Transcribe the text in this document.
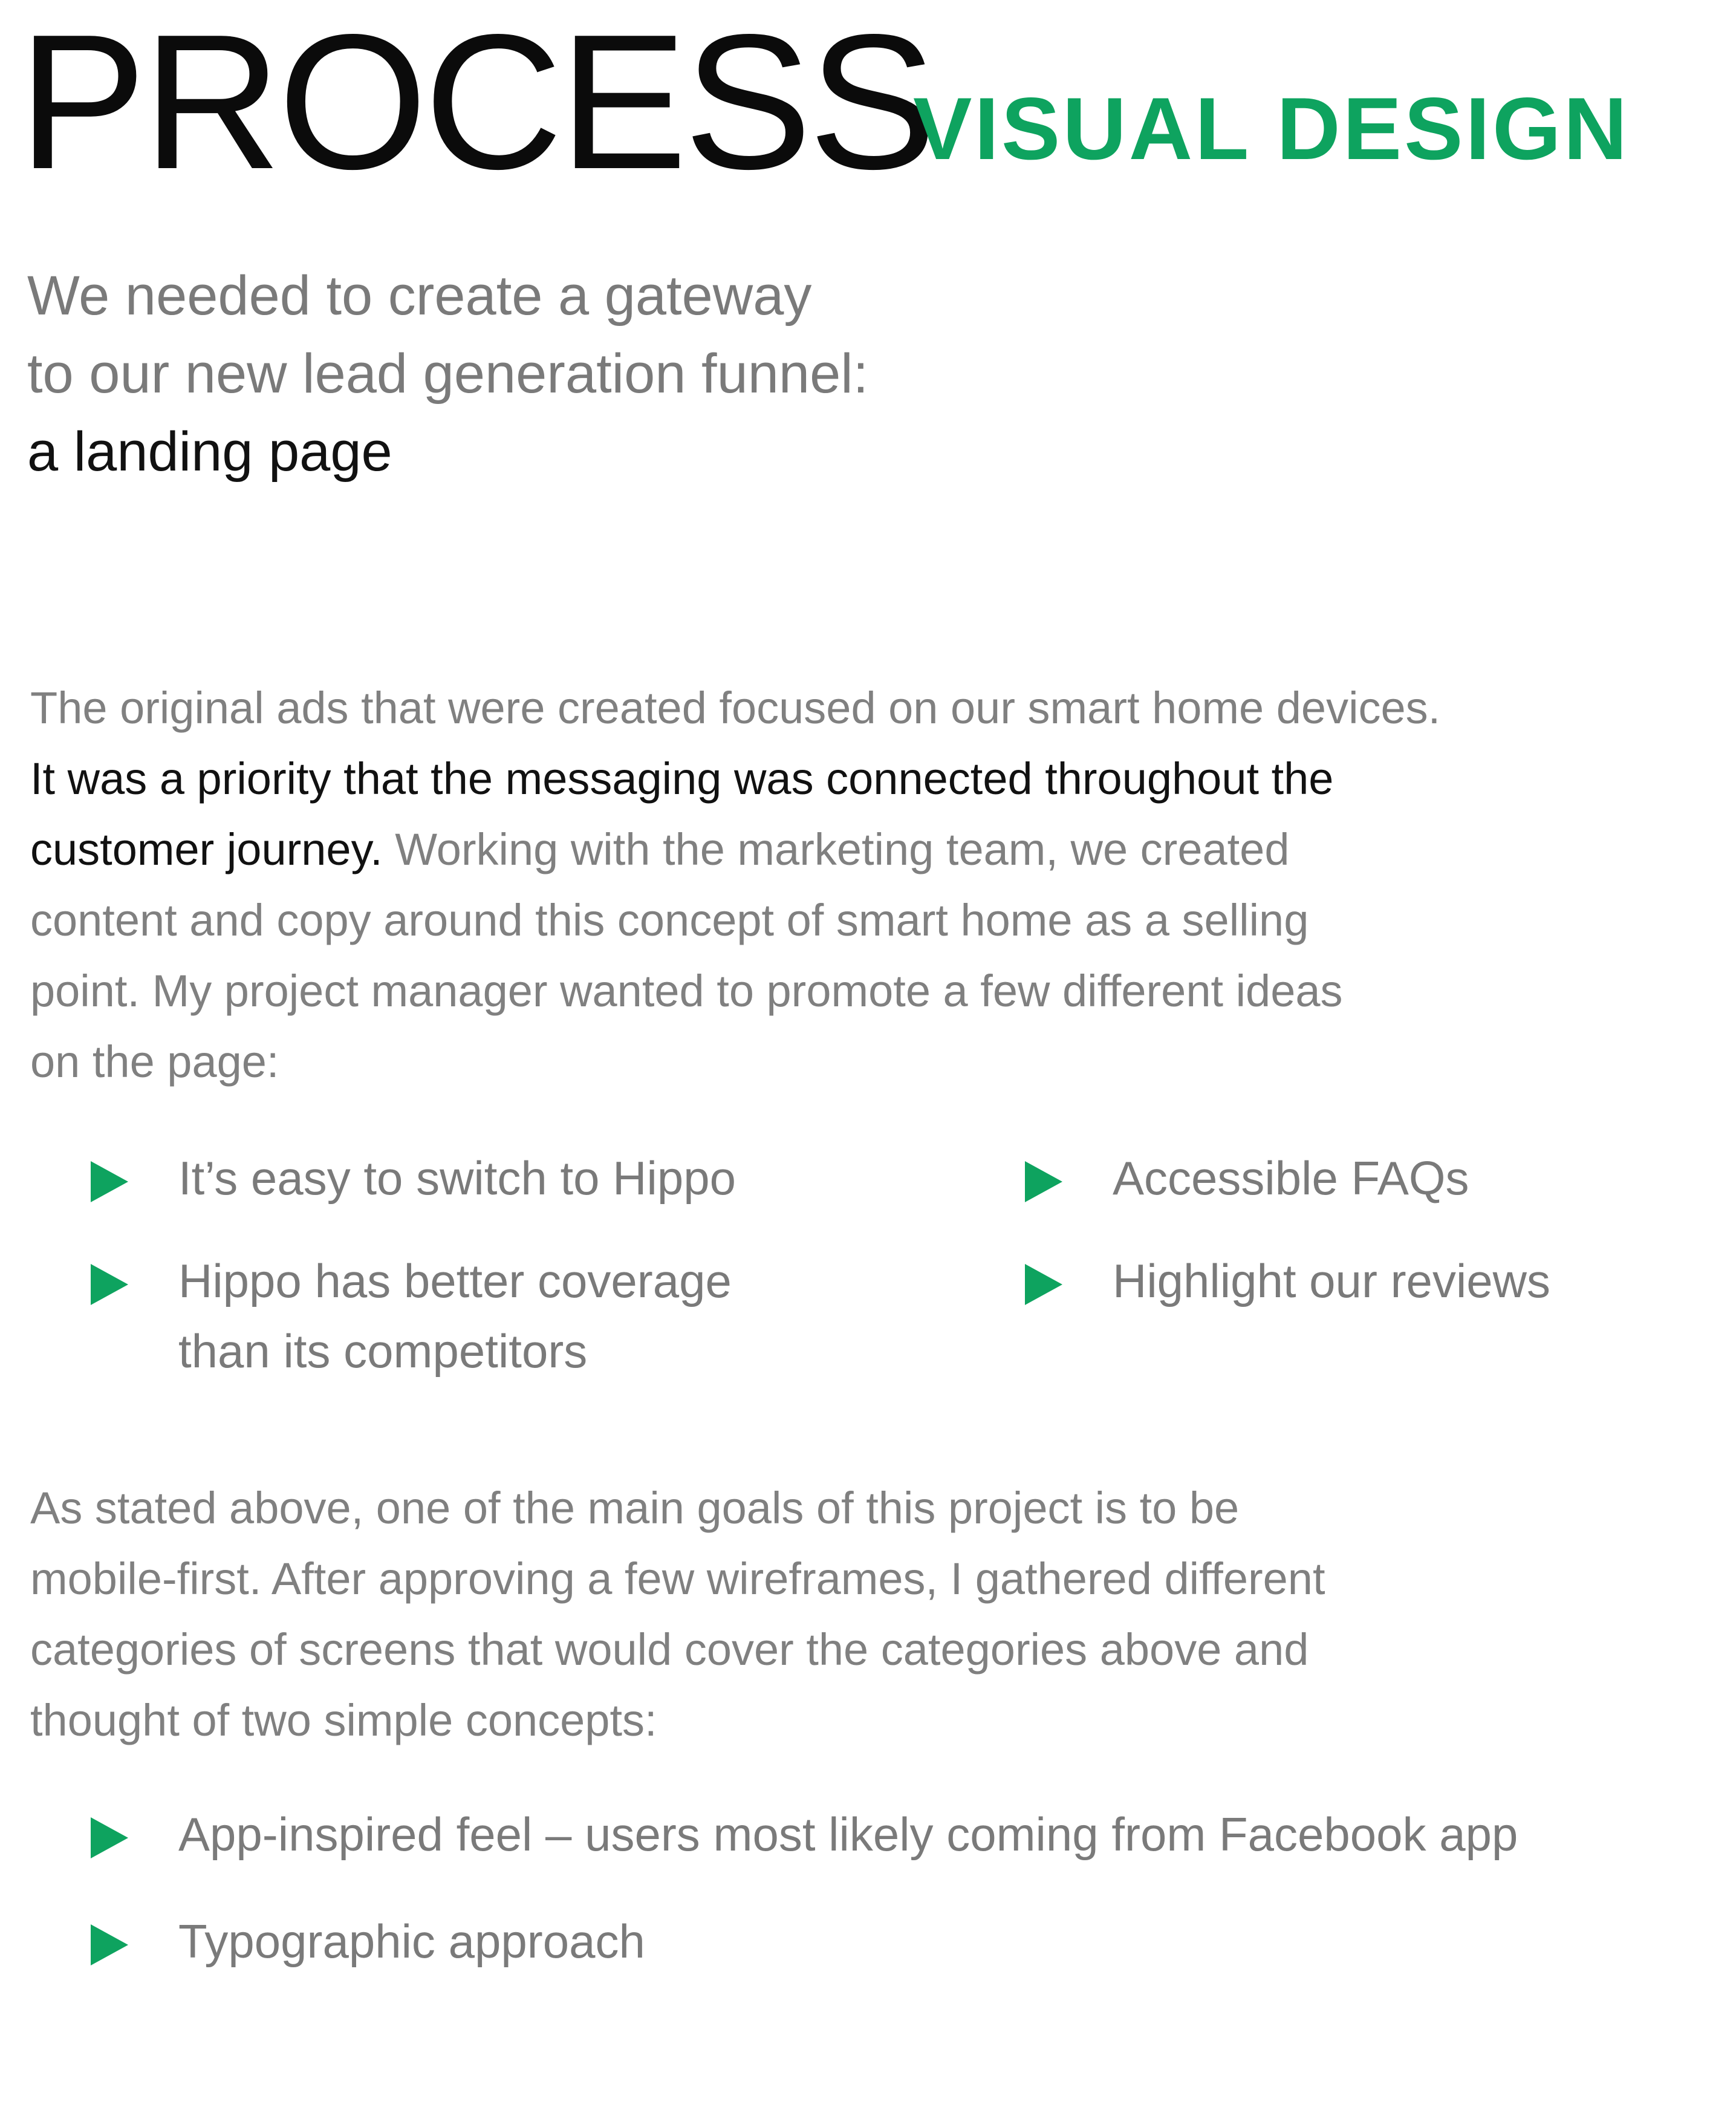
PROCESS
VISUAL DESIGN
We needed to create a gateway
to our new lead generation funnel:
a landing page
The original ads that were created focused on our smart home devices.
It was a priority that the messaging was connected throughout the
customer journey. Working with the marketing team, we created
content and copy around this concept of smart home as a selling
point. My project manager wanted to promote a few different ideas
on the page:
It’s easy to switch to Hippo
Hippo has better coverage
than its competitors
Accessible FAQs
Highlight our reviews
As stated above, one of the main goals of this project is to be
mobile-first. After approving a few wireframes, I gathered different
categories of screens that would cover the categories above and
thought of two simple concepts:
App-inspired feel – users most likely coming from Facebook app
Typographic approach
